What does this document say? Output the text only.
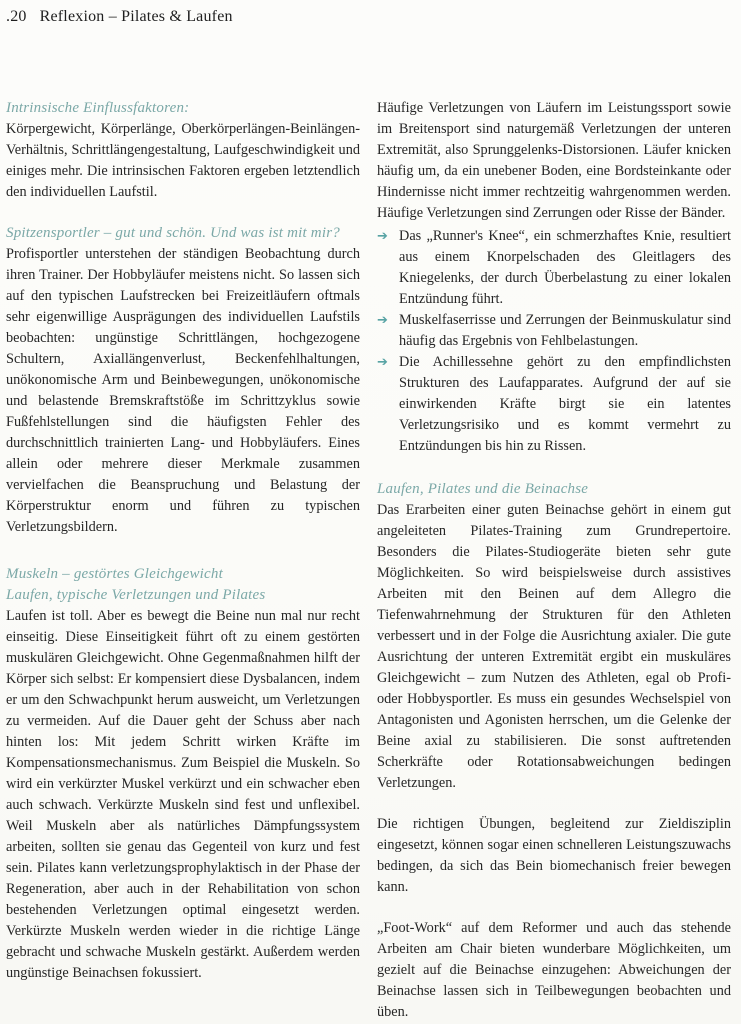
.20 Reflexion – Pilates & Laufen
Intrinsische Einflussfaktoren:

Körpergewicht, Körperlänge, Oberkörperlängen-Beinlängen-Verhältnis, Schrittlängengestaltung, Laufgeschwindigkeit und einiges mehr. Die intrinsischen Faktoren ergeben letztendlich den individuellen Laufstil.

Spitzensportler – gut und schön. Und was ist mit mir?

Profisportler unterstehen der ständigen Beobachtung durch ihren Trainer. Der Hobbyläufer meistens nicht. So lassen sich auf den typischen Laufstrecken bei Freizeitläufern oftmals sehr eigenwillige Ausprägungen des individuellen Laufstils beobachten: ungünstige Schrittlängen, hochgezogene Schultern, Axiallängenverlust, Beckenfehlhaltungen, unökonomische Arm und Beinbewegungen, unökonomische und belastende Bremskraftstöße im Schrittzyklus sowie Fußfehlstellungen sind die häufigsten Fehler des durchschnittlich trainierten Lang- und Hobbyläufers. Eines allein oder mehrere dieser Merkmale zusammen vervielfachen die Beanspruchung und Belastung der Körperstruktur enorm und führen zu typischen Verletzungsbildern.

Muskeln – gestörtes Gleichgewicht
Laufen, typische Verletzungen und Pilates

Laufen ist toll. Aber es bewegt die Beine nun mal nur recht einseitig. Diese Einseitigkeit führt oft zu einem gestörten muskulären Gleichgewicht. Ohne Gegenmaßnahmen hilft der Körper sich selbst: Er kompensiert diese Dysbalancen, indem er um den Schwachpunkt herum ausweicht, um Verletzungen zu vermeiden. Auf die Dauer geht der Schuss aber nach hinten los: Mit jedem Schritt wirken Kräfte im Kompensationsmechanismus. Zum Beispiel die Muskeln. So wird ein verkürzter Muskel verkürzt und ein schwacher eben auch schwach. Verkürzte Muskeln sind fest und unflexibel. Weil Muskeln aber als natürliches Dämpfungssystem arbeiten, sollten sie genau das Gegenteil von kurz und fest sein. Pilates kann verletzungsprophylaktisch in der Phase der Regeneration, aber auch in der Rehabilitation von schon bestehenden Verletzungen optimal eingesetzt werden. Verkürzte Muskeln werden wieder in die richtige Länge gebracht und schwache Muskeln gestärkt. Außerdem werden ungünstige Beinachsen fokussiert.

Häufige Verletzungen von Läufern im Leistungssport sowie im Breitensport sind naturgemäß Verletzungen der unteren Extremität, also Sprunggelenks-Distorsionen. Läufer knicken häufig um, da ein unebener Boden, eine Bordsteinkante oder Hindernisse nicht immer rechtzeitig wahrgenommen werden. Häufige Verletzungen sind Zerrungen oder Risse der Bänder.

➔ Das „Runner's Knee“, ein schmerzhaftes Knie, resultiert aus einem Knorpelschaden des Gleitlagers des Kniegelenks, der durch Überbelastung zu einer lokalen Entzündung führt.
➔ Muskelfaserrisse und Zerrungen der Beinmuskulatur sind häufig das Ergebnis von Fehlbelastungen.
➔ Die Achillessehne gehört zu den empfindlichsten Strukturen des Laufapparates. Aufgrund der auf sie einwirkenden Kräfte birgt sie ein latentes Verletzungsrisiko und es kommt vermehrt zu Entzündungen bis hin zu Rissen.
Laufen, Pilates und die Beinachse

Das Erarbeiten einer guten Beinachse gehört in einem gut angeleiteten Pilates-Training zum Grundrepertoire. Besonders die Pilates-Studiogeräte bieten sehr gute Möglichkeiten. So wird beispielsweise durch assistives Arbeiten mit den Beinen auf dem Allegro die Tiefenwahrnehmung der Strukturen für den Athleten verbessert und in der Folge die Ausrichtung axialer. Die gute Ausrichtung der unteren Extremität ergibt ein muskuläres Gleichgewicht – zum Nutzen des Athleten, egal ob Profi- oder Hobbysportler. Es muss ein gesundes Wechselspiel von Antagonisten und Agonisten herrschen, um die Gelenke der Beine axial zu stabilisieren. Die sonst auftretenden Scherkräfte oder Rotationsabweichungen bedingen Verletzungen.

Die richtigen Übungen, begleitend zur Zieldisziplin eingesetzt, können sogar einen schnelleren Leistungszuwachs bedingen, da sich das Bein biomechanisch freier bewegen kann.

„Foot-Work“ auf dem Reformer und auch das stehende Arbeiten am Chair bieten wunderbare Möglichkeiten, um gezielt auf die Beinachse einzugehen: Abweichungen der Beinachse lassen sich in Teilbewegungen beobachten und üben.
